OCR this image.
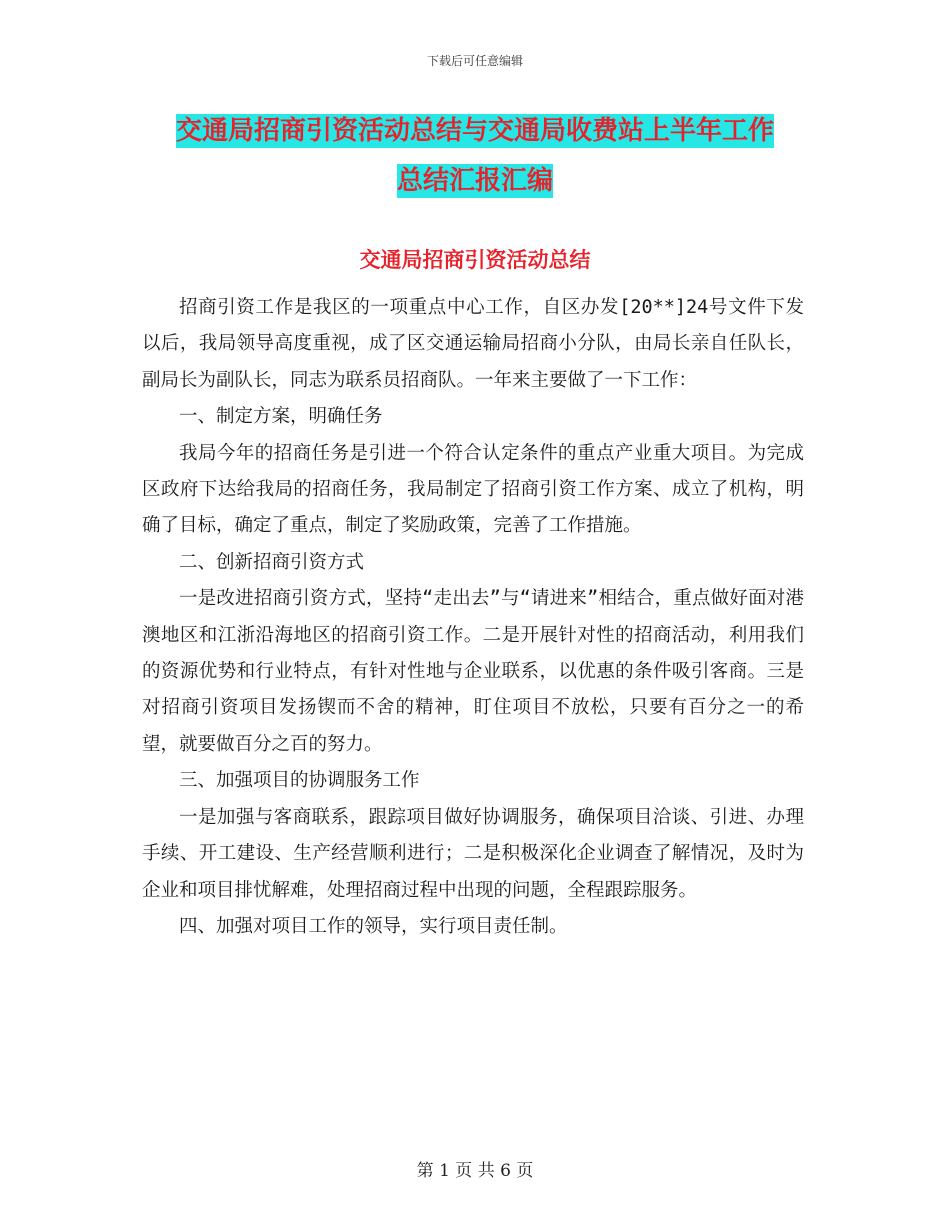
下载后可任意编辑
交通局招商引资活动总结与交通局收费站上半年工作
总结汇报汇编
交通局招商引资活动总结

招商引资工作是我区的一项重点中心工作，自区办发[20**]24号文件下发以后，我局领导高度重视，成了区交通运输局招商小分队，由局长亲自任队长，副局长为副队长，同志为联系员招商队。一年来主要做了一下工作：

一、制定方案，明确任务

我局今年的招商任务是引进一个符合认定条件的重点产业重大项目。为完成区政府下达给我局的招商任务，我局制定了招商引资工作方案、成立了机构，明确了目标，确定了重点，制定了奖励政策，完善了工作措施。

二、创新招商引资方式

一是改进招商引资方式，坚持“走出去”与“请进来”相结合，重点做好面对港澳地区和江浙沿海地区的招商引资工作。二是开展针对性的招商活动，利用我们的资源优势和行业特点，有针对性地与企业联系，以优惠的条件吸引客商。三是对招商引资项目发扬锲而不舍的精神，盯住项目不放松，只要有百分之一的希望，就要做百分之百的努力。

三、加强项目的协调服务工作

一是加强与客商联系，跟踪项目做好协调服务，确保项目洽谈、引进、办理手续、开工建设、生产经营顺利进行；二是积极深化企业调查了解情况，及时为企业和项目排忧解难，处理招商过程中出现的问题，全程跟踪服务。

四、加强对项目工作的领导，实行项目责任制。

第 1 页 共 6 页
